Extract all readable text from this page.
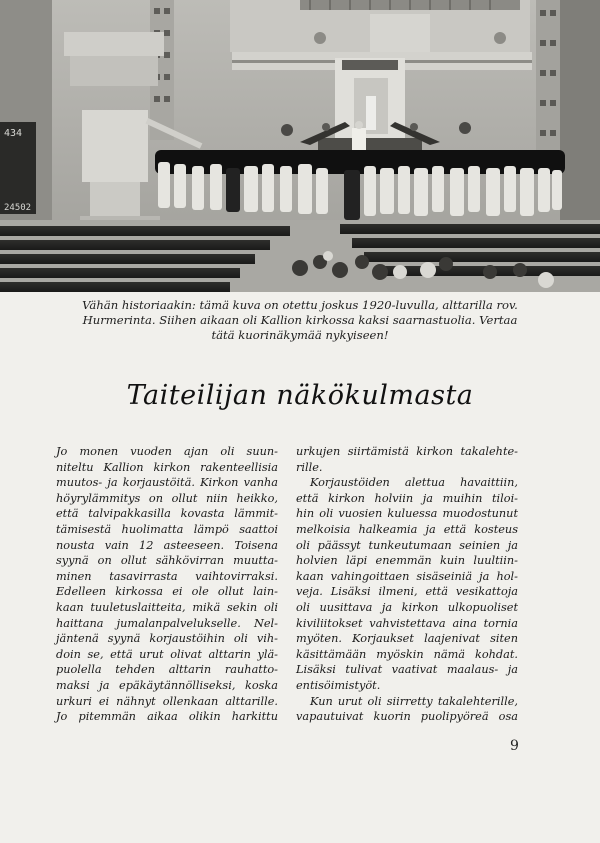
434
24502
Vähän historiaakin: tämä kuva on otettu joskus 1920-luvulla, alttarilla rov.
Hurmerinta. Siihen aikaan oli Kallion kirkossa kaksi saarnastuolia. Vertaa
tätä kuorinäkymää nykyiseen!
Taiteilijan näkökulmasta
Jo monen vuoden ajan oli suun-
niteltu Kallion kirkon rakenteellisia
muutos- ja korjaustöitä. Kirkon vanha
höyrylämmitys on ollut niin heikko,
että talvipakkasilla kovasta lämmit-
tämisestä huolimatta lämpö saattoi
nousta vain 12 asteeseen. Toisena
syynä on ollut sähkövirran muutta-
minen tasavirrasta vaihtovirraksi.
Edelleen kirkossa ei ole ollut lain-
kaan tuuletuslaitteita, mikä sekin oli
haittana jumalanpalvelukselle. Nel-
jäntenä syynä korjaustöihin oli vih-
doin se, että urut olivat alttarin ylä-
puolella tehden alttarin rauhatto-
maksi ja epäkäytännölliseksi, koska
urkuri ei nähnyt ollenkaan alttarille.
Jo pitemmän aikaa olikin harkittu
urkujen siirtämistä kirkon takalehte-
rille.
Korjaustöiden alettua havaittiin,
että kirkon holviin ja muihin tiloi-
hin oli vuosien kuluessa muodostunut
melkoisia halkeamia ja että kosteus
oli päässyt tunkeutumaan seinien ja
holvien läpi enemmän kuin luultiin-
kaan vahingoittaen sisäseiniä ja hol-
veja. Lisäksi ilmeni, että vesikattoja
oli uusittava ja kirkon ulkopuoliset
kiviliitokset vahvistettava aina tornia
myöten. Korjaukset laajenivat siten
käsittämään myöskin nämä kohdat.
Lisäksi tulivat vaativat maalaus- ja
entisöimistyöt.
Kun urut oli siirretty takalehterille,
vapautuivat kuorin puolipyöreä osa
9
